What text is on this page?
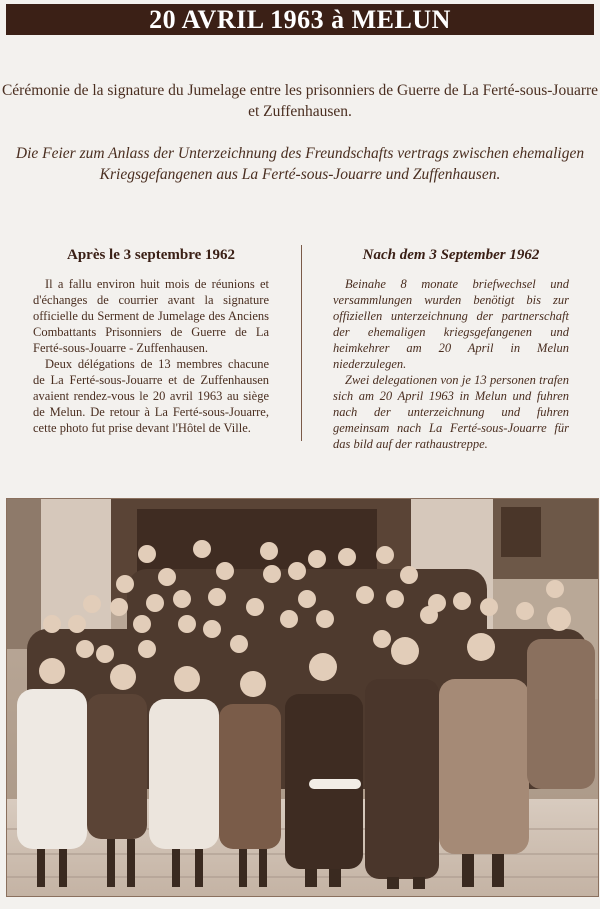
20 AVRIL 1963 à MELUN
Cérémonie de la signature du Jumelage entre les prisonniers de Guerre de La Ferté-sous-Jouarre et Zuffenhausen.
Die Feier zum Anlass der Unterzeichnung des Freundschafts vertrags zwischen ehemaligen Kriegsgefangenen aus La Ferté-sous-Jouarre und Zuffenhausen.
Après le 3 septembre 1962

Il a fallu environ huit mois de réunions et d'échanges de courrier avant la signature officielle du Serment de Jumelage des Anciens Combattants Prisonniers de Guerre de La Ferté-sous-Jouarre - Zuffenhausen.

Deux délégations de 13 membres chacune de La Ferté-sous-Jouarre et de Zuffenhausen avaient rendez-vous le 20 avril 1963 au siège de Melun. De retour à La Ferté-sous-Jouarre, cette photo fut prise devant l'Hôtel de Ville.

Nach dem 3 September 1962

Beinahe 8 monate briefwechsel und versammlungen wurden benötigt bis zur offiziellen unterzeichnung der partnerschaft der ehemaligen kriegsgefangenen und heimkehrer am 20 April in Melun niederzulegen.

Zwei delegationen von je 13 personen trafen sich am 20 April 1963 in Melun und fuhren nach der unterzeichnung und fuhren gemeinsam nach La Ferté-sous-Jouarre für das bild auf der rathaustreppe.
